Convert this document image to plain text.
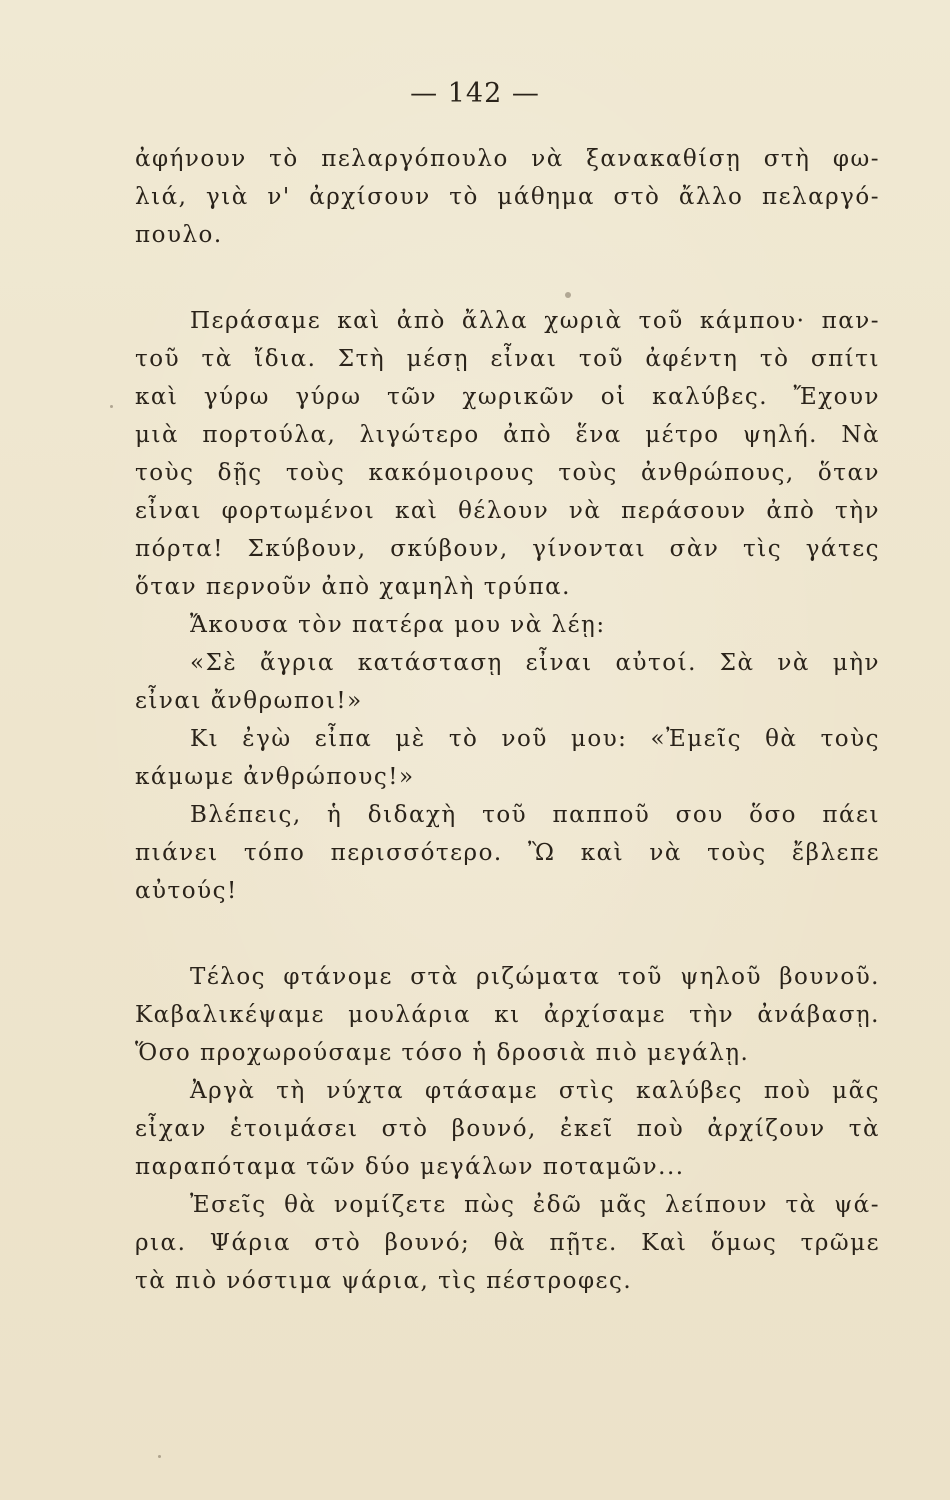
— 142 —
ἀφήνουν τὸ πελαργόπουλο νὰ ξανακαθίσῃ στὴ φω-
λιά, γιὰ ν' ἀρχίσουν τὸ μάθημα στὸ ἄλλο πελαργό-
πουλο.
Περάσαμε καὶ ἀπὸ ἄλλα χωριὰ τοῦ κάμπου· παν-
τοῦ τὰ ἴδια. Στὴ μέσῃ εἶναι τοῦ ἀφέντη τὸ σπίτι
καὶ γύρω γύρω τῶν χωρικῶν οἱ καλύβες. Ἔχουν
μιὰ πορτούλα, λιγώτερο ἀπὸ ἕνα μέτρο ψηλή. Νὰ
τοὺς δῇς τοὺς κακόμοιρους τοὺς ἀνθρώπους, ὅταν
εἶναι φορτωμένοι καὶ θέλουν νὰ περάσουν ἀπὸ τὴν
πόρτα! Σκύβουν, σκύβουν, γίνονται σὰν τὶς γάτες
ὅταν περνοῦν ἀπὸ χαμηλὴ τρύπα.
Ἄκουσα τὸν πατέρα μου νὰ λέῃ:
«Σὲ ἄγρια κατάστασῃ εἶναι αὐτοί. Σὰ νὰ μὴν
εἶναι ἄνθρωποι!»
Κι ἐγὼ εἶπα μὲ τὸ νοῦ μου: «Ἐμεῖς θὰ τοὺς
κάμωμε ἀνθρώπους!»
Βλέπεις, ἡ διδαχὴ τοῦ παπποῦ σου ὅσο πάει
πιάνει τόπο περισσότερο. Ὢ καὶ νὰ τοὺς ἔβλεπε
αὐτούς!
Τέλος φτάνομε στὰ ριζώματα τοῦ ψηλοῦ βουνοῦ.
Καβαλικέψαμε μουλάρια κι ἀρχίσαμε τὴν ἀνάβασῃ.
Ὅσο προχωρούσαμε τόσο ἡ δροσιὰ πιὸ μεγάλῃ.
Ἀργὰ τὴ νύχτα φτάσαμε στὶς καλύβες ποὺ μᾶς
εἶχαν ἑτοιμάσει στὸ βουνό, ἐκεῖ ποὺ ἀρχίζουν τὰ
παραπόταμα τῶν δύο μεγάλων ποταμῶν...
Ἐσεῖς θὰ νομίζετε πὼς ἐδῶ μᾶς λείπουν τὰ ψά-
ρια. Ψάρια στὸ βουνό; θὰ πῇτε. Καὶ ὅμως τρῶμε
τὰ πιὸ νόστιμα ψάρια, τὶς πέστροφες.
